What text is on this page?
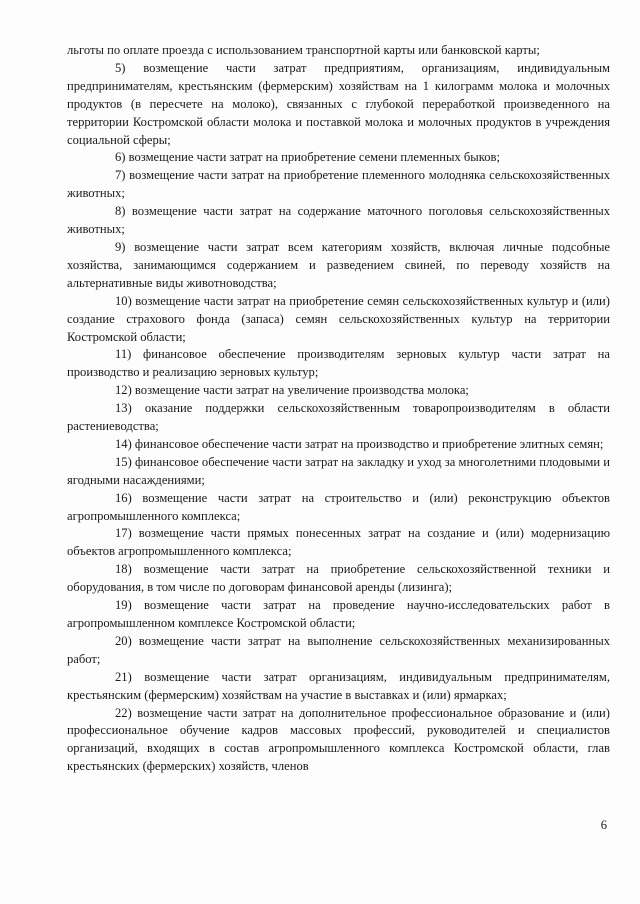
льготы по оплате проезда с использованием транспортной карты или банковской карты;

5) возмещение части затрат предприятиям, организациям, индивидуальным предпринимателям, крестьянским (фермерским) хозяйствам на 1 килограмм молока и молочных продуктов (в пересчете на молоко), связанных с глубокой переработкой произведенного на территории Костромской области молока и поставкой молока и молочных продуктов в учреждения социальной сферы;

6) возмещение части затрат на приобретение семени племенных быков;

7) возмещение части затрат на приобретение племенного молодняка сельскохозяйственных животных;

8) возмещение части затрат на содержание маточного поголовья сельскохозяйственных животных;

9) возмещение части затрат всем категориям хозяйств, включая личные подсобные хозяйства, занимающимся содержанием и разведением свиней, по переводу хозяйств на альтернативные виды животноводства;

10) возмещение части затрат на приобретение семян сельскохозяйственных культур и (или) создание страхового фонда (запаса) семян сельскохозяйственных культур на территории Костромской области;

11) финансовое обеспечение производителям зерновых культур части затрат на производство и реализацию зерновых культур;

12) возмещение части затрат на увеличение производства молока;

13) оказание поддержки сельскохозяйственным товаропроизводителям в области растениеводства;

14) финансовое обеспечение части затрат на производство и приобретение элитных семян;

15) финансовое обеспечение части затрат на закладку и уход за многолетними плодовыми и ягодными насаждениями;

16) возмещение части затрат на строительство и (или) реконструкцию объектов агропромышленного комплекса;

17) возмещение части прямых понесенных затрат на создание и (или) модернизацию объектов агропромышленного комплекса;

18) возмещение части затрат на приобретение сельскохозяйственной техники и оборудования, в том числе по договорам финансовой аренды (лизинга);

19) возмещение части затрат на проведение научно-исследовательских работ в агропромышленном комплексе Костромской области;

20) возмещение части затрат на выполнение сельскохозяйственных механизированных работ;

21) возмещение части затрат организациям, индивидуальным предпринимателям, крестьянским (фермерским) хозяйствам на участие в выставках и (или) ярмарках;

22) возмещение части затрат на дополнительное профессиональное образование и (или) профессиональное обучение кадров массовых профессий, руководителей и специалистов организаций, входящих в состав агропромышленного комплекса Костромской области, глав крестьянских (фермерских) хозяйств, членов

6
